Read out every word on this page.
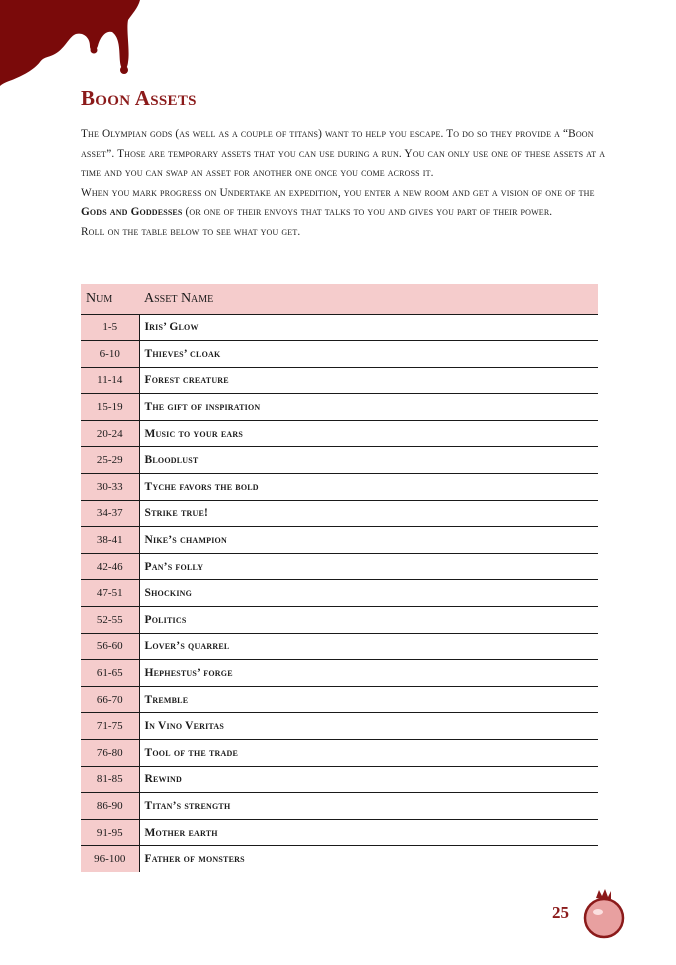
Boon Assets

The Olympian gods (as well as a couple of titans) want to help you escape. To do so they provide a “Boon asset”. Those are temporary assets that you can use during a run. You can only use one of these assets at a time and you can swap an asset for another one once you come across it.

When you mark progress on Undertake an expedition, you enter a new room and get a vision of one of the Gods and Goddesses (or one of their envoys that talks to you and gives you part of their power.

Roll on the table below to see what you get.

Num	Asset Name
1-5	Iris’ Glow
6-10	Thieves’ cloak
11-14	Forest creature
15-19	The gift of inspiration
20-24	Music to your ears
25-29	Bloodlust
30-33	Tyche favors the bold
34-37	Strike true!
38-41	Nike’s champion
42-46	Pan’s folly
47-51	Shocking
52-55	Politics
56-60	Lover’s quarrel
61-65	Hephestus’ forge
66-70	Tremble
71-75	In Vino Veritas
76-80	Tool of the trade
81-85	Rewind
86-90	Titan’s strength
91-95	Mother earth
96-100	Father of monsters
25
